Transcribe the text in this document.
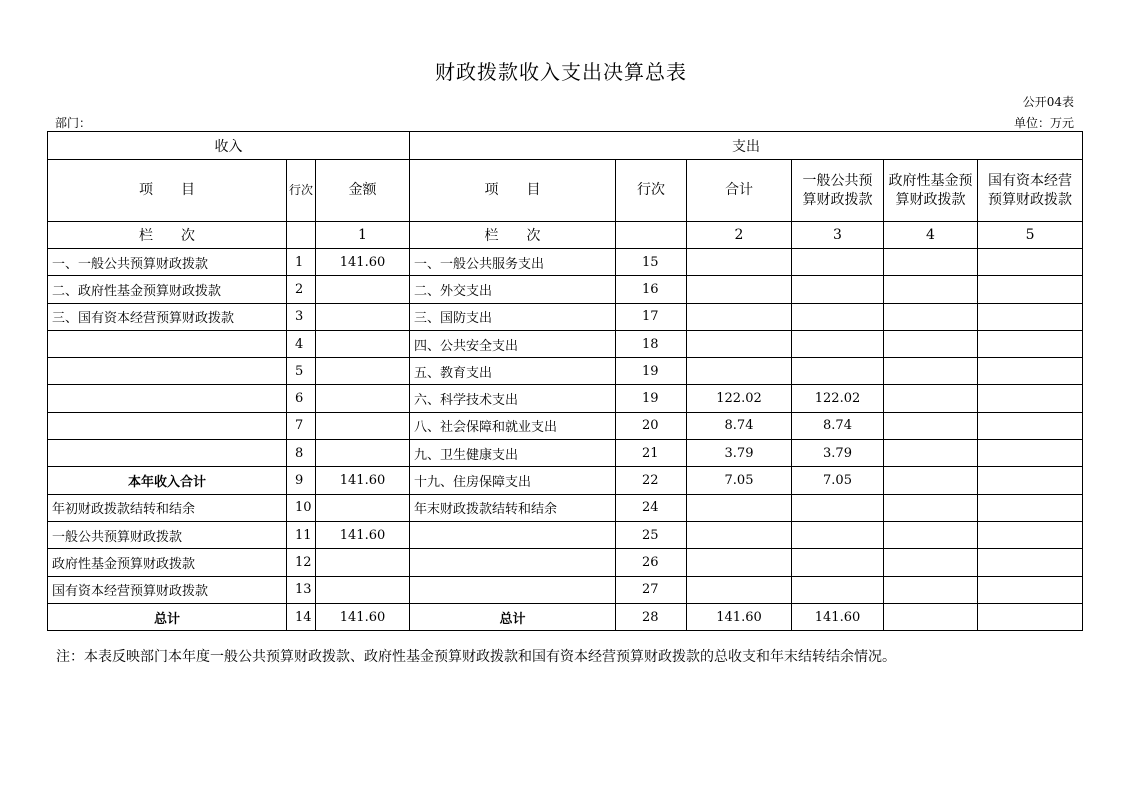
财政拨款收入支出决算总表
公开04表
部门：	单位：万元
收入			支出					
项　　目	行次	金额	项　　目	行次	合计	一般公共预算财政拨款	政府性基金预算财政拨款	国有资本经营预算财政拨款
栏　　次		1	栏　　次		2	3	4	5
一、一般公共预算财政拨款	1	141.60	一、一般公共服务支出	15				
二、政府性基金预算财政拨款	2		二、外交支出	16				
三、国有资本经营预算财政拨款	3		三、国防支出	17				
	4		四、公共安全支出	18				
	5		五、教育支出	19				
	6		六、科学技术支出	19	122.02	122.02		
	7		八、社会保障和就业支出	20	8.74	8.74		
	8		九、卫生健康支出	21	3.79	3.79		
本年收入合计	9	141.60	十九、住房保障支出	22	7.05	7.05		
年初财政拨款结转和结余	10		年末财政拨款结转和结余	24				
一般公共预算财政拨款	11	141.60		25				
政府性基金预算财政拨款	12			26				
国有资本经营预算财政拨款	13			27				
总计	14	141.60	总计	28	141.60	141.60		
注：本表反映部门本年度一般公共预算财政拨款、政府性基金预算财政拨款和国有资本经营预算财政拨款的总收支和年末结转结余情况。
